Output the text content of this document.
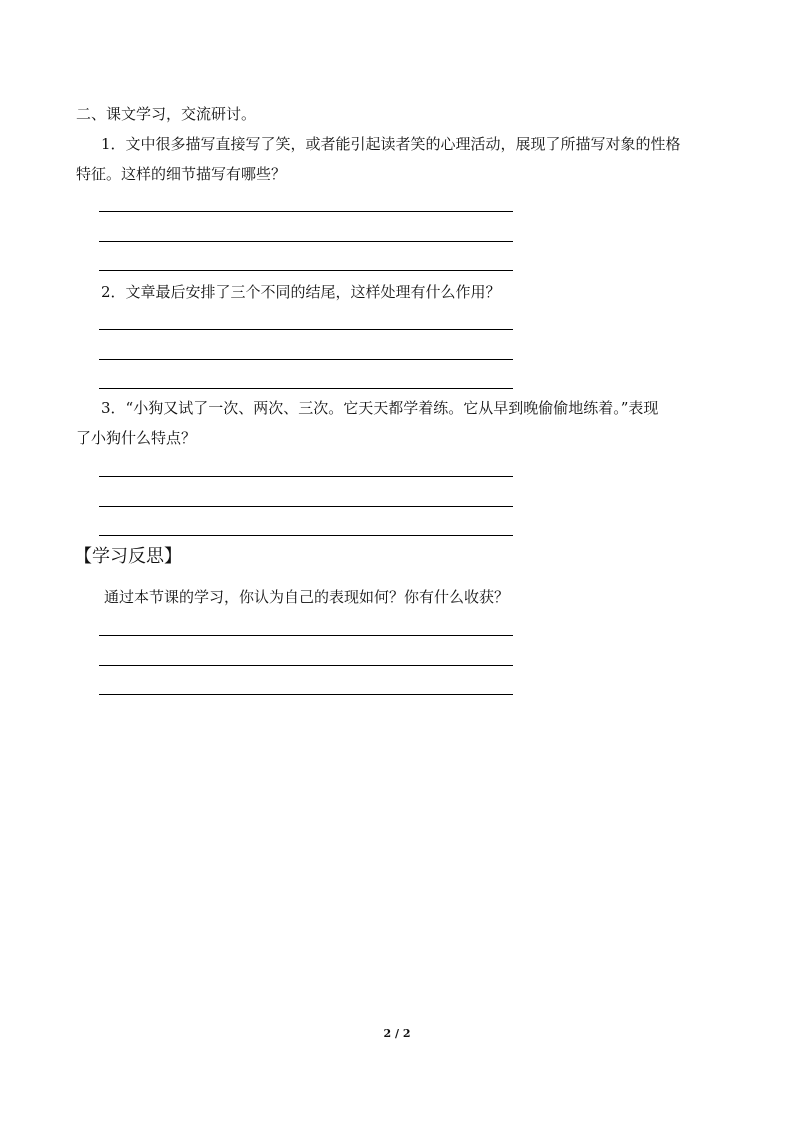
二、课文学习，交流研讨。

1．文中很多描写直接写了笑，或者能引起读者笑的心理活动，展现了所描写对象的性格

特征。这样的细节描写有哪些？

2．文章最后安排了三个不同的结尾，这样处理有什么作用？

3．“小狗又试了一次、两次、三次。它天天都学着练。它从早到晚偷偷地练着。”表现

了小狗什么特点？

【学习反思】

通过本节课的学习，你认为自己的表现如何？你有什么收获？

2 / 2
